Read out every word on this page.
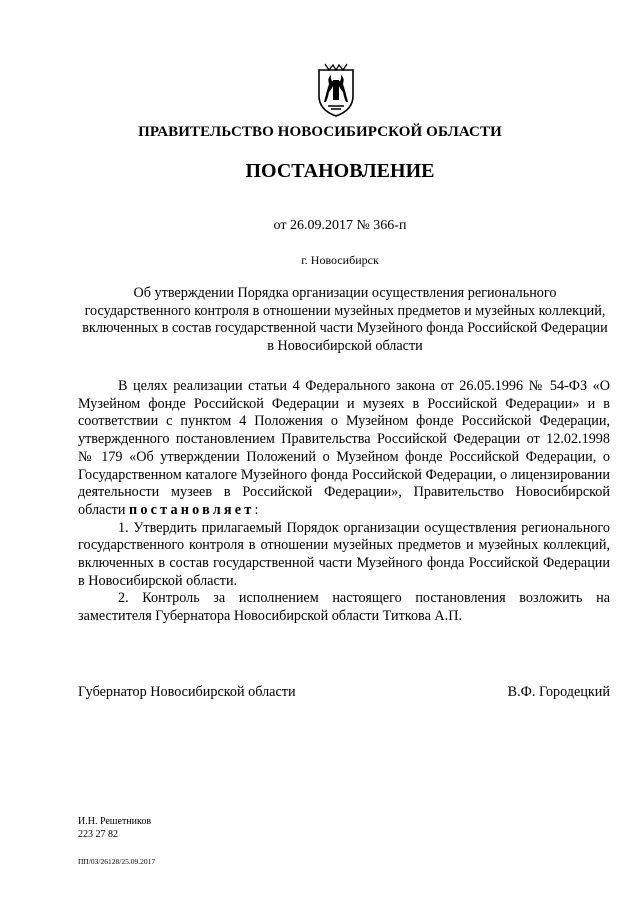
ПРАВИТЕЛЬСТВО НОВОСИБИРСКОЙ ОБЛАСТИ
ПОСТАНОВЛЕНИЕ
от 26.09.2017 № 366-п
г. Новосибирск
Об утверждении Порядка организации осуществления регионального государственного контроля в отношении музейных предметов и музейных коллекций, включенных в состав государственной части Музейного фонда Российской Федерации в Новосибирской области

В целях реализации статьи 4 Федерального закона от 26.05.1996 № 54-ФЗ «О Музейном фонде Российской Федерации и музеях в Российской Федерации» и в соответствии с пунктом 4 Положения о Музейном фонде Российской Федерации, утвержденного постановлением Правительства Российской Федерации от 12.02.1998 № 179 «Об утверждении Положений о Музейном фонде Российской Федерации, о Государственном каталоге Музейного фонда Российской Федерации, о лицензировании деятельности музеев в Российской Федерации», Правительство Новосибирской области постановляет:

1. Утвердить прилагаемый Порядок организации осуществления регионального государственного контроля в отношении музейных предметов и музейных коллекций, включенных в состав государственной части Музейного фонда Российской Федерации в Новосибирской области.

2. Контроль за исполнением настоящего постановления возложить на заместителя Губернатора Новосибирской области Титкова А.П.

Губернатор Новосибирской области	В.Ф. Городецкий
И.Н. Решетников
223 27 82
ПП/03/26128/25.09.2017
